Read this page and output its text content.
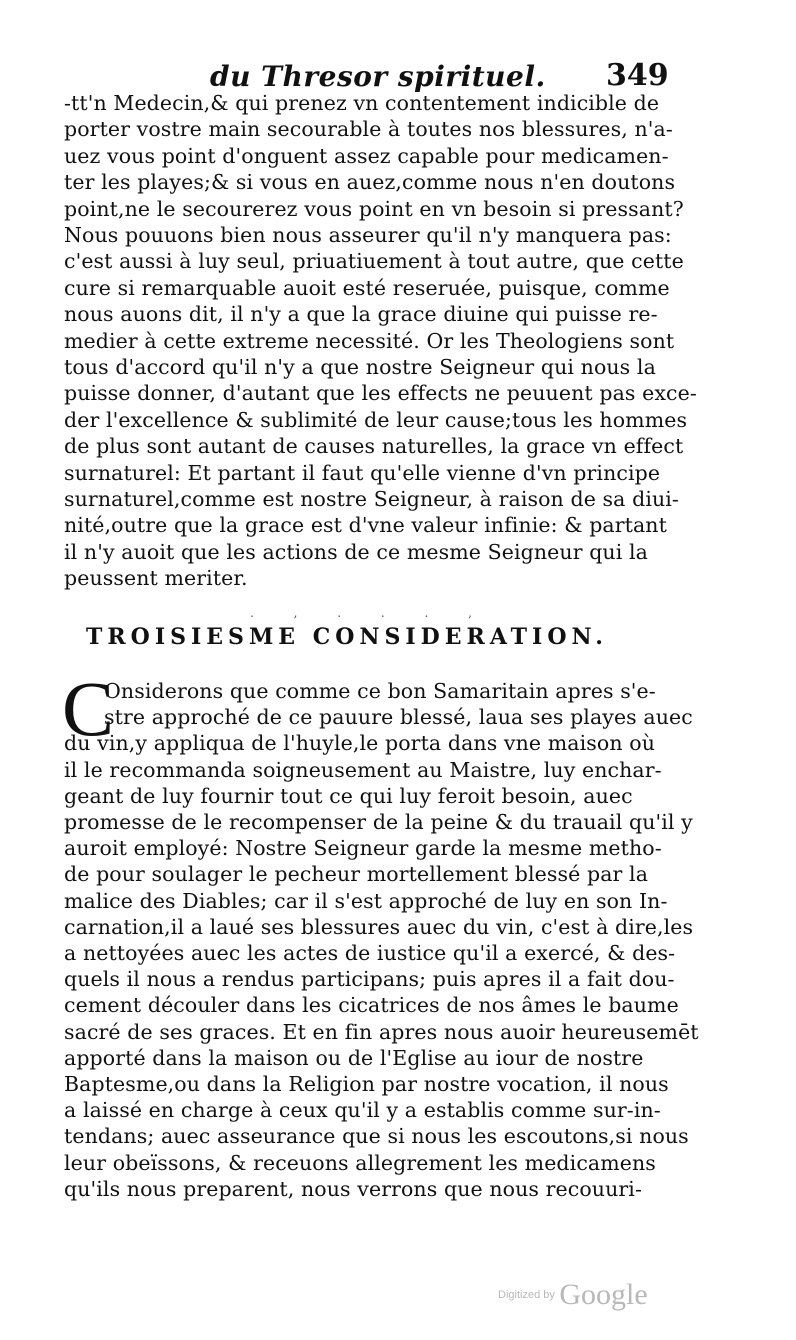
du Thresor spirituel. 349
-tt'n Medecin,& qui prenez vn contentement indicible de
porter vostre main secourable à toutes nos blessures, n'a-
uez vous point d'onguent assez capable pour medicamen-
ter les playes;& si vous en auez,comme nous n'en doutons
point,ne le secourerez vous point en vn besoin si pressant?
Nous pouuons bien nous asseurer qu'il n'y manquera pas:
c'est aussi à luy seul, priuatiuement à tout autre, que cette
cure si remarquable auoit esté reseruée, puisque, comme
nous auons dit, il n'y a que la grace diuine qui puisse re-
medier à cette extreme necessité. Or les Theologiens sont
tous d'accord qu'il n'y a que nostre Seigneur qui nous la
puisse donner, d'autant que les effects ne peuuent pas exce-
der l'excellence & sublimité de leur cause;tous les hommes
de plus sont autant de causes naturelles, la grace vn effect
surnaturel: Et partant il faut qu'elle vienne d'vn principe
surnaturel,comme est nostre Seigneur, à raison de sa diui-
nité,outre que la grace est d'vne valeur infinie: & partant
il n'y auoit que les actions de ce mesme Seigneur qui la
peussent meriter.
. , . . . ,
TROISIESME CONSIDERATION.
C
Onsiderons que comme ce bon Samaritain apres s'e-
stre approché de ce pauure blessé, laua ses playes auec
du vin,y appliqua de l'huyle,le porta dans vne maison où
il le recommanda soigneusement au Maistre, luy enchar-
geant de luy fournir tout ce qui luy feroit besoin, auec
promesse de le recompenser de la peine & du trauail qu'il y
auroit employé: Nostre Seigneur garde la mesme metho-
de pour soulager le pecheur mortellement blessé par la
malice des Diables; car il s'est approché de luy en son In-
carnation,il a laué ses blessures auec du vin, c'est à dire,les
a nettoyées auec les actes de iustice qu'il a exercé, & des-
quels il nous a rendus participans; puis apres il a fait dou-
cement découler dans les cicatrices de nos âmes le baume
sacré de ses graces. Et en fin apres nous auoir heureusemēt
apporté dans la maison ou de l'Eglise au iour de nostre
Baptesme,ou dans la Religion par nostre vocation, il nous
a laissé en charge à ceux qu'il y a establis comme sur-in-
tendans; auec asseurance que si nous les escoutons,si nous
leur obeïssons, & receuons allegrement les medicamens
qu'ils nous preparent, nous verrons que nous recouuri-
Digitized by Google
